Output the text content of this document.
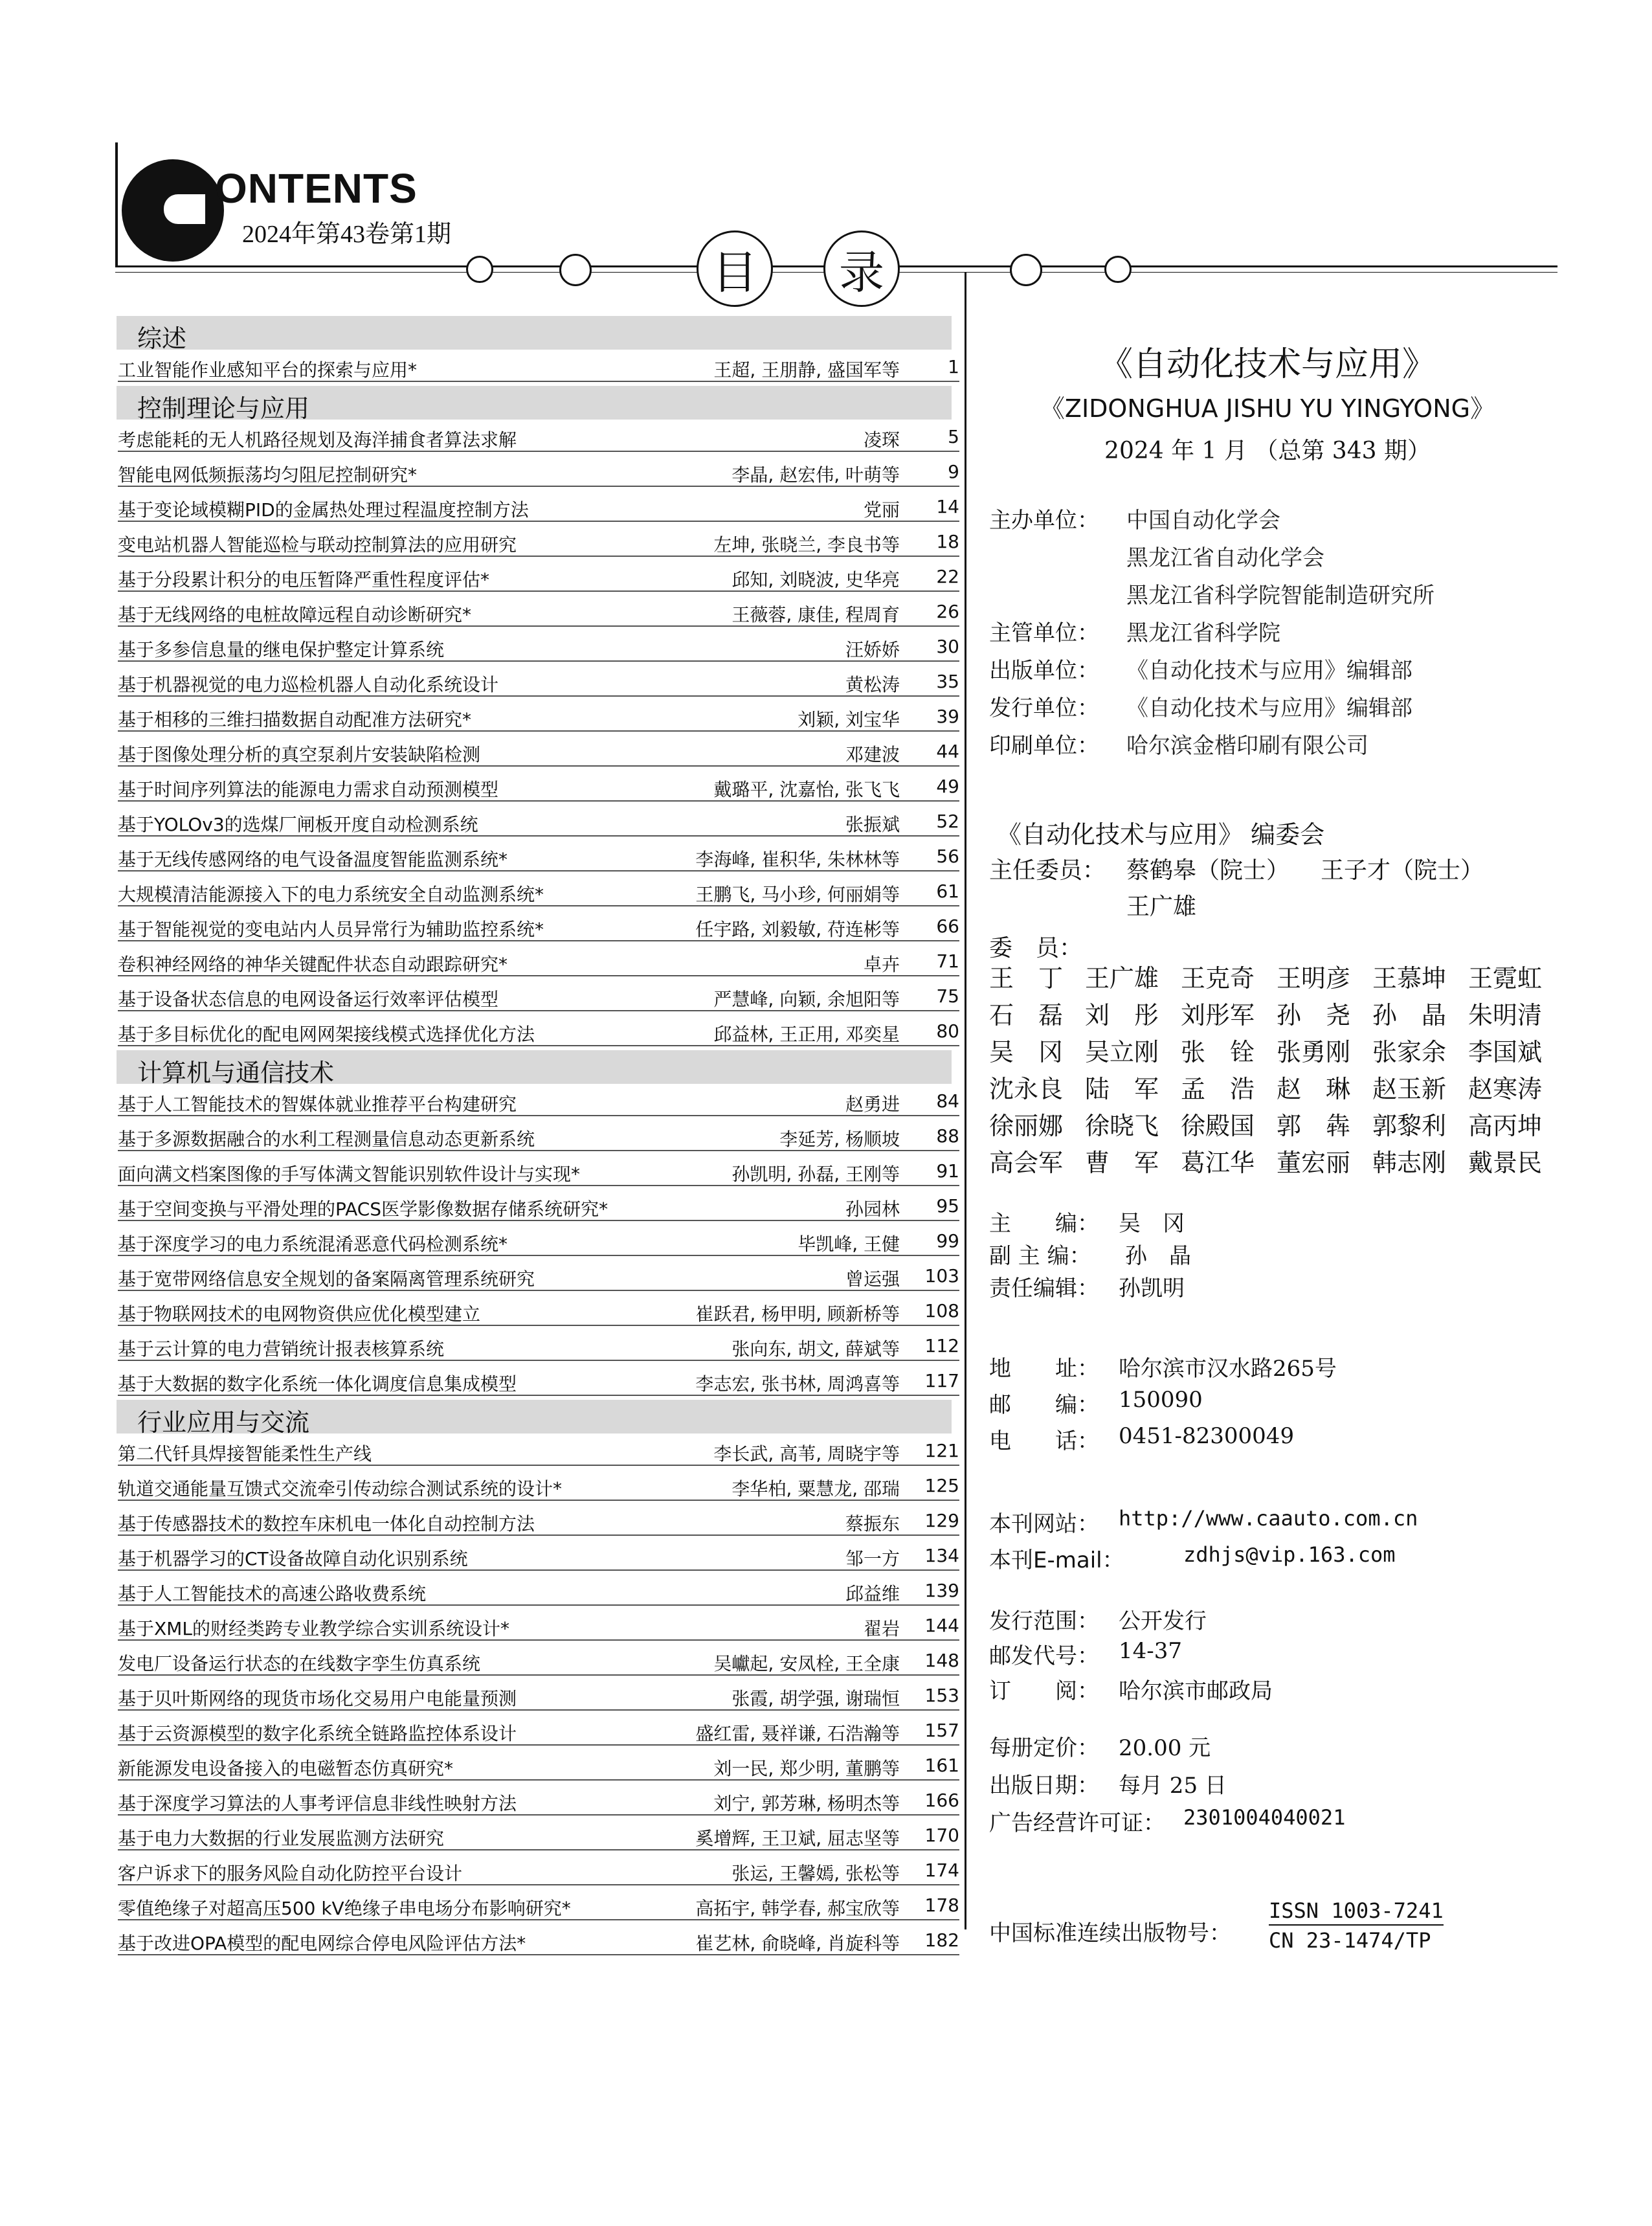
ONTENTS
2024年第43卷第1期
目 录
综述
工业智能作业感知平台的探索与应用*	王超, 王朋静, 盛国军等	1
控制理论与应用
考虑能耗的无人机路径规划及海洋捕食者算法求解	凌琛	5
智能电网低频振荡均匀阻尼控制研究*	李晶, 赵宏伟, 叶萌等	9
基于变论域模糊PID的金属热处理过程温度控制方法	党丽	14
变电站机器人智能巡检与联动控制算法的应用研究	左坤, 张晓兰, 李良书等	18
基于分段累计积分的电压暂降严重性程度评估*	邱知, 刘晓波, 史华亮	22
基于无线网络的电桩故障远程自动诊断研究*	王薇蓉, 康佳, 程周育	26
基于多参信息量的继电保护整定计算系统	汪娇娇	30
基于机器视觉的电力巡检机器人自动化系统设计	黄松涛	35
基于相移的三维扫描数据自动配准方法研究*	刘颖, 刘宝华	39
基于图像处理分析的真空泵刹片安装缺陷检测	邓建波	44
基于时间序列算法的能源电力需求自动预测模型	戴璐平, 沈嘉怡, 张飞飞	49
基于YOLOv3的选煤厂闸板开度自动检测系统	张振斌	52
基于无线传感网络的电气设备温度智能监测系统*	李海峰, 崔积华, 朱林林等	56
大规模清洁能源接入下的电力系统安全自动监测系统*	王鹏飞, 马小珍, 何丽娟等	61
基于智能视觉的变电站内人员异常行为辅助监控系统*	任宇路, 刘毅敏, 苻连彬等	66
卷积神经网络的神华关键配件状态自动跟踪研究*	卓卉	71
基于设备状态信息的电网设备运行效率评估模型	严慧峰, 向颖, 余旭阳等	75
基于多目标优化的配电网网架接线模式选择优化方法	邱益林, 王正用, 邓奕星	80
计算机与通信技术
基于人工智能技术的智媒体就业推荐平台构建研究	赵勇进	84
基于多源数据融合的水利工程测量信息动态更新系统	李延芳, 杨顺坡	88
面向满文档案图像的手写体满文智能识别软件设计与实现*	孙凯明, 孙磊, 王刚等	91
基于空间变换与平滑处理的PACS医学影像数据存储系统研究*	孙园林	95
基于深度学习的电力系统混淆恶意代码检测系统*	毕凯峰, 王健	99
基于宽带网络信息安全规划的备案隔离管理系统研究	曾运强 103
基于物联网技术的电网物资供应优化模型建立	崔跃君, 杨甲明, 顾新桥等 108
基于云计算的电力营销统计报表核算系统	张向东, 胡文, 薛斌等 112
基于大数据的数字化系统一体化调度信息集成模型	李志宏, 张书林, 周鸿喜等 117
行业应用与交流
第二代钎具焊接智能柔性生产线	李长武, 高苇, 周晓宇等 121
轨道交通能量互馈式交流牵引传动综合测试系统的设计*	李华柏, 粟慧龙, 邵瑞 125
基于传感器技术的数控车床机电一体化自动控制方法	蔡振东 129
基于机器学习的CT设备故障自动化识别系统	邹一方 134
基于人工智能技术的高速公路收费系统	邱益维 139
基于XML的财经类跨专业教学综合实训系统设计*	翟岩 144
发电厂设备运行状态的在线数字孪生仿真系统	吴巘起, 安凤栓, 王全康 148
基于贝叶斯网络的现货市场化交易用户电能量预测	张霞, 胡学强, 谢瑞恒 153
基于云资源模型的数字化系统全链路监控体系设计	盛红雷, 聂祥谦, 石浩瀚等 157
新能源发电设备接入的电磁暂态仿真研究*	刘一民, 郑少明, 董鹏等 161
基于深度学习算法的人事考评信息非线性映射方法	刘宁, 郭芳琳, 杨明杰等 166
基于电力大数据的行业发展监测方法研究	奚增辉, 王卫斌, 屈志坚等 170
客户诉求下的服务风险自动化防控平台设计	张运, 王馨嫣, 张松等 174
零值绝缘子对超高压500 kV绝缘子串电场分布影响研究*	高拓宇, 韩学春, 郝宝欣等 178
基于改进OPA模型的配电网综合停电风险评估方法*	崔艺林, 俞晓峰, 肖旋科等 182
《自动化技术与应用》
《ZIDONGHUA JISHU YU YINGYONG》
2024 年 1 月 （总第 343 期）
主办单位： 中国自动化学会
黑龙江省自动化学会
黑龙江省科学院智能制造研究所
主管单位： 黑龙江省科学院
出版单位： 《自动化技术与应用》编辑部
发行单位： 《自动化技术与应用》编辑部
印刷单位： 哈尔滨金楷印刷有限公司
《自动化技术与应用》 编委会
主任委员： 蔡鹤皋（院士） 王子才（院士）
王广雄
委　员：
王　丁 王广雄 王克奇 王明彦 王慕坤 王霓虹
石　磊 刘　彤 刘彤军 孙　尧 孙　晶 朱明清
吴　冈 吴立刚 张　铨 张勇刚 张家余 李国斌
沈永良 陆　军 孟　浩 赵　琳 赵玉新 赵寒涛
徐丽娜 徐晓飞 徐殿国 郭　犇 郭黎利 高丙坤
高会军 曹　军 葛江华 董宏丽 韩志刚 戴景民
主　　编： 吴　冈
副 主 编： 孙　晶
责任编辑： 孙凯明
地　　址： 哈尔滨市汉水路265号
邮　　编： 150090
电　　话： 0451-82300049
本刊网站： http://www.caauto.com.cn
本刊E-mail：	zdhjs@vip.163.com
发行范围： 公开发行
邮发代号： 14-37
订　　阅： 哈尔滨市邮政局
每册定价： 20.00 元
出版日期： 每月 25 日
广告经营许可证： 2301004040021
中国标准连续出版物号：
ISSN 1003-7241
CN 23-1474/TP
